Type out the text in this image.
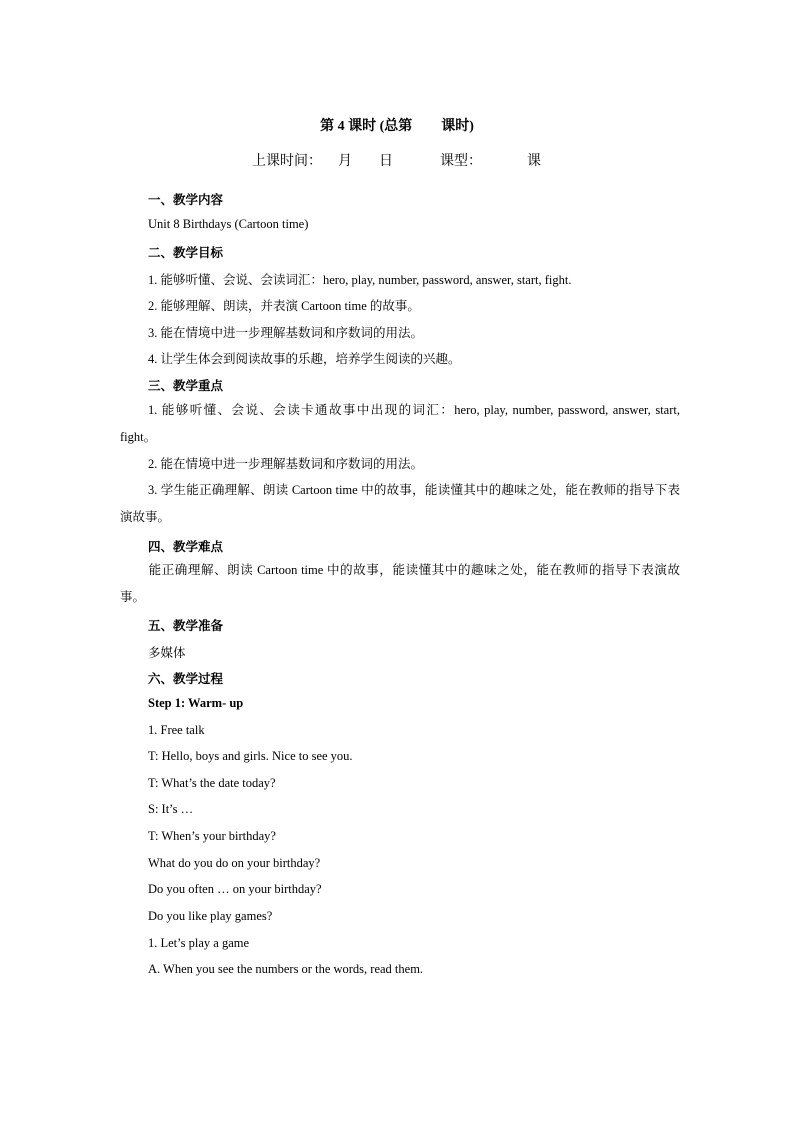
第 4 课时 (总第 课时)
上课时间： 月 日	课型：	课
一、教学内容
Unit 8 Birthdays (Cartoon time)
二、教学目标
1. 能够听懂、会说、会读词汇：hero, play, number, password, answer, start, fight.
2. 能够理解、朗读，并表演 Cartoon time 的故事。
3. 能在情境中进一步理解基数词和序数词的用法。
4. 让学生体会到阅读故事的乐趣，培养学生阅读的兴趣。
三、教学重点
1. 能够听懂、会说、会读卡通故事中出现的词汇：hero, play, number, password, answer, start, fight。
2. 能在情境中进一步理解基数词和序数词的用法。
3. 学生能正确理解、朗读 Cartoon time 中的故事，能读懂其中的趣味之处，能在教师的指导下表演故事。
四、教学难点
能正确理解、朗读 Cartoon time 中的故事，能读懂其中的趣味之处，能在教师的指导下表演故事。
五、教学准备
多媒体
六、教学过程
Step 1: Warm- up
1. Free talk
T: Hello, boys and girls. Nice to see you.
T: What’s the date today?
S: It’s …
T: When’s your birthday?
What do you do on your birthday?
Do you often … on your birthday?
Do you like play games?
1. Let’s play a game
A. When you see the numbers or the words, read them.
